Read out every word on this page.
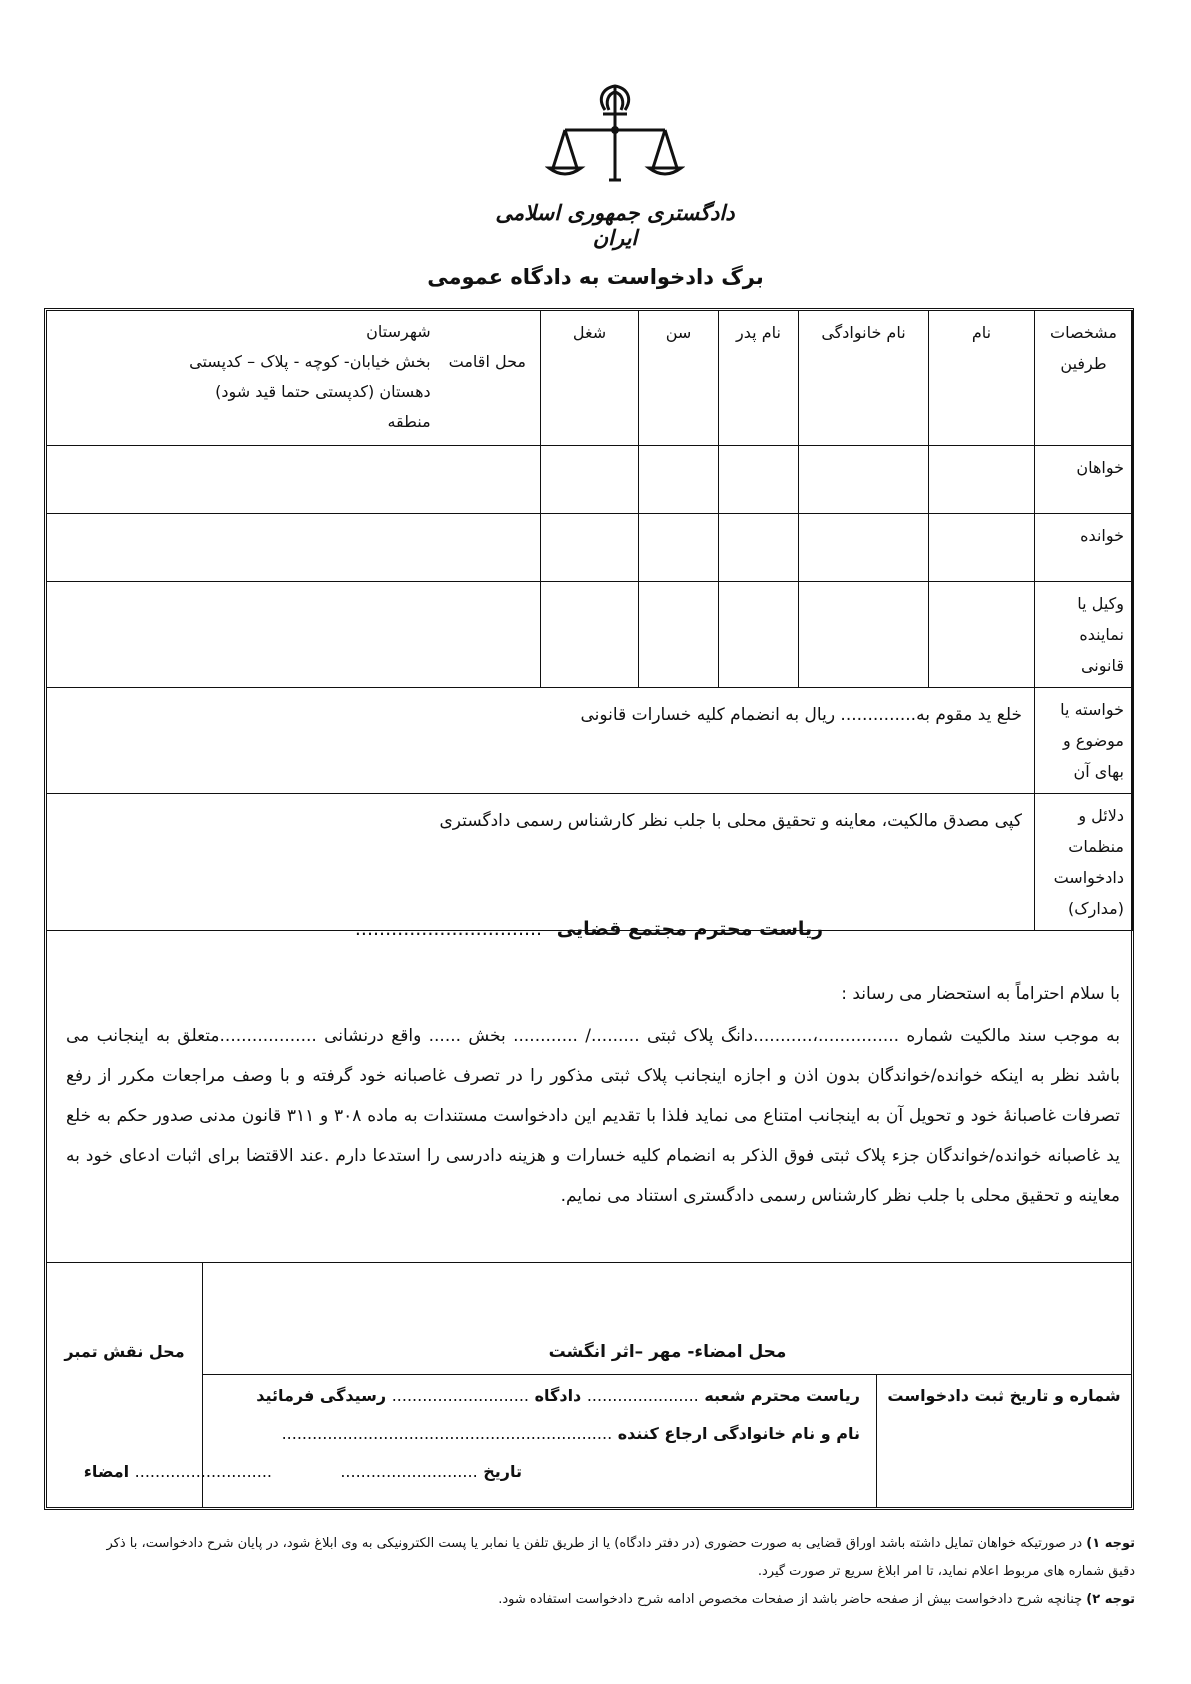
دادگستری جمهوری اسلامی ایران
برگ دادخواست به دادگاه عمومی
مشخصات طرفین	نام	نام خانوادگی	نام پدر	سن	شغل	محل اقامت
شهرستان
بخش خیابان- کوچه - پلاک – کدپستی
دهستان (کدپستی حتما قید شود)
منطقه

خواهان						
خوانده						
وکیل یا نماینده قانونی						
خواسته یا موضوع و بهای آن	خلع ید مقوم به.............. ریال به انضمام کلیه خسارات قانونی					
دلائل و منظمات دادخواست (مدارک)	کپی مصدق مالکیت، معاینه و تحقیق محلی با جلب نظر کارشناس رسمی دادگستری					
ریاست محترم مجتمع قضایی ...............................
با سلام احتراماً به استحضار می رساند :
به موجب سند مالکیت شماره ...............،...........دانگ پلاک ثبتی ........./ ............ بخش ...... واقع درنشانی ..................متعلق به اینجانب می باشد نظر به اینکه خوانده/خواندگان بدون اذن و اجازه اینجانب پلاک ثبتی مذکور را در تصرف غاصبانه خود گرفته و با وصف مراجعات مکرر از رفع تصرفات غاصبانهٔ خود و تحویل آن به اینجانب امتناع می نماید فلذا با تقدیم این دادخواست مستندات به ماده ۳۰۸ و ۳۱۱ قانون مدنی صدور حکم به خلع ید غاصبانه خوانده/خواندگان جزء پلاک ثبتی فوق الذکر به انضمام کلیه خسارات و هزینه دادرسی را استدعا دارم .عند الاقتضا برای اثبات ادعای خود به معاینه و تحقیق محلی با جلب نظر کارشناس رسمی دادگستری استناد می نمایم.
محل نقش تمبر	محل امضاء- مهر –اثر انگشت
شماره و تاریخ ثبت دادخواست
ریاست محترم شعبه ...................... دادگاه ........................... رسیدگی فرمائید
نام و نام خانوادگی ارجاع کننده .................................................................
تاریخ ...........................
........................... امضاء
توجه ۱) در صورتیکه خواهان تمایل داشته باشد اوراق قضایی به صورت حضوری (در دفتر دادگاه) یا از طریق تلفن یا نمابر یا پست الکترونیکی به وی ابلاغ شود، در پایان شرح دادخواست، با ذکر دقیق شماره های مربوط اعلام نماید، تا امر ابلاغ سریع تر صورت گیرد.
توجه ۲) چنانچه شرح دادخواست بیش از صفحه حاضر باشد از صفحات مخصوص ادامه شرح دادخواست استفاده شود.
